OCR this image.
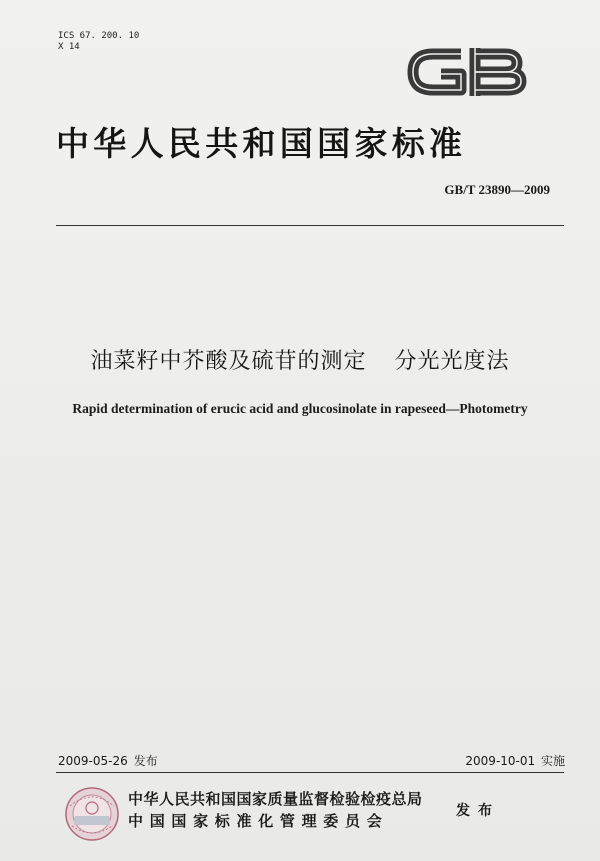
ICS 67. 200. 10
X 14
中华人民共和国国家标准
GB/T 23890—2009
油菜籽中芥酸及硫苷的测定 分光光度法
Rapid determination of erucic acid and glucosinolate in rapeseed—Photometry
2009-05-26 发布	2009-10-01 实施
中华人民共和国国家质量监督检验检疫总局
中国国家标准化管理委员会
发布
